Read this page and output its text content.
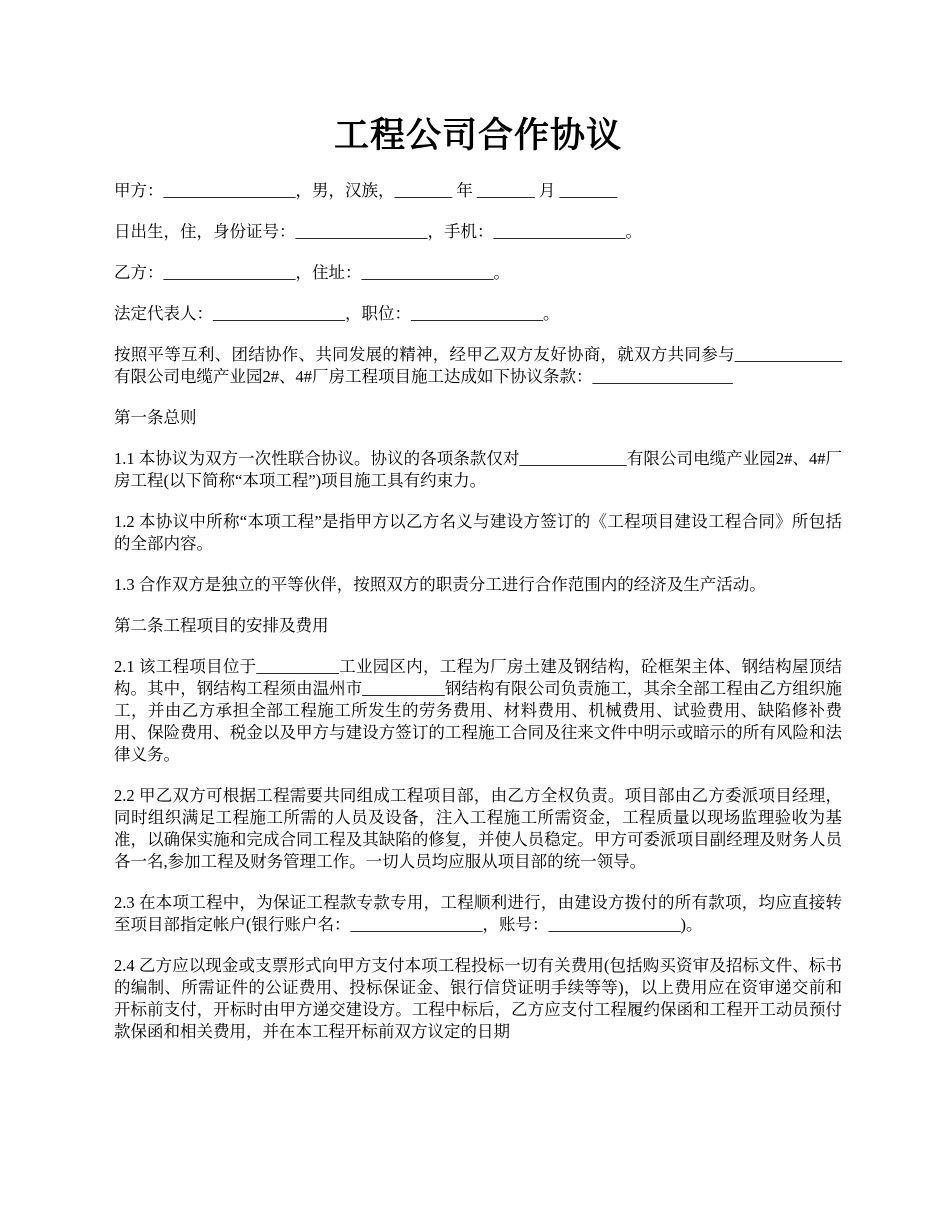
工程公司合作协议

甲方：________________，男，汉族，_______ 年 _______ 月 _______

日出生，住，身份证号：________________，手机：________________。

乙方：________________，住址：________________。

法定代表人：________________，职位：________________。

按照平等互利、团结协作、共同发展的精神，经甲乙双方友好协商，就双方共同参与_____________有限公司电缆产业园2#、4#厂房工程项目施工达成如下协议条款：_________________

第一条总则

1.1 本协议为双方一次性联合协议。协议的各项条款仅对_____________有限公司电缆产业园2#、4#厂房工程(以下简称“本项工程”)项目施工具有约束力。

1.2 本协议中所称“本项工程”是指甲方以乙方名义与建设方签订的《工程项目建设工程合同》所包括的全部内容。

1.3 合作双方是独立的平等伙伴，按照双方的职责分工进行合作范围内的经济及生产活动。

第二条工程项目的安排及费用

2.1 该工程项目位于__________工业园区内，工程为厂房土建及钢结构，砼框架主体、钢结构屋顶结构。其中，钢结构工程须由温州市__________钢结构有限公司负责施工，其余全部工程由乙方组织施工，并由乙方承担全部工程施工所发生的劳务费用、材料费用、机械费用、试验费用、缺陷修补费用、保险费用、税金以及甲方与建设方签订的工程施工合同及往来文件中明示或暗示的所有风险和法律义务。

2.2 甲乙双方可根据工程需要共同组成工程项目部，由乙方全权负责。项目部由乙方委派项目经理，同时组织满足工程施工所需的人员及设备，注入工程施工所需资金，工程质量以现场监理验收为基准，以确保实施和完成合同工程及其缺陷的修复，并使人员稳定。甲方可委派项目副经理及财务人员各一名,参加工程及财务管理工作。一切人员均应服从项目部的统一领导。

2.3 在本项工程中，为保证工程款专款专用，工程顺利进行，由建设方拨付的所有款项，均应直接转至项目部指定帐户(银行账户名：________________，账号：________________)。

2.4 乙方应以现金或支票形式向甲方支付本项工程投标一切有关费用(包括购买资审及招标文件、标书的编制、所需证件的公证费用、投标保证金、银行信贷证明手续等等)，以上费用应在资审递交前和开标前支付，开标时由甲方递交建设方。工程中标后，乙方应支付工程履约保函和工程开工动员预付款保函和相关费用，并在本工程开标前双方议定的日期
